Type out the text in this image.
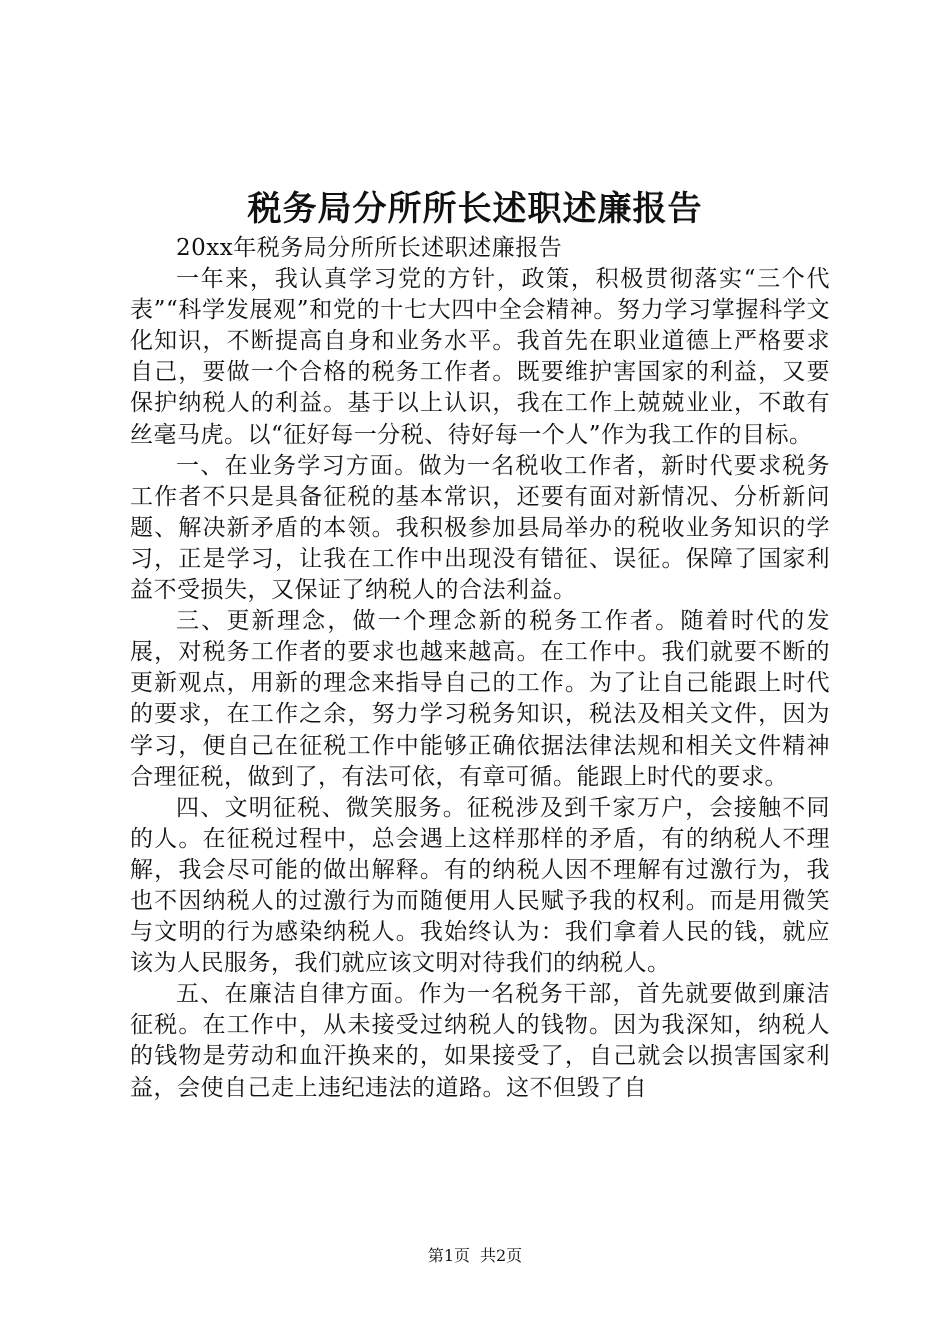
税务局分所所长述职述廉报告

20xx年税务局分所所长述职述廉报告

一年来，我认真学习党的方针，政策，积极贯彻落实“三个代表”“科学发展观”和党的十七大四中全会精神。努力学习掌握科学文化知识，不断提高自身和业务水平。我首先在职业道德上严格要求自己，要做一个合格的税务工作者。既要维护害国家的利益，又要保护纳税人的利益。基于以上认识，我在工作上兢兢业业，不敢有丝毫马虎。以“征好每一分税、待好每一个人”作为我工作的目标。

一、在业务学习方面。做为一名税收工作者，新时代要求税务工作者不只是具备征税的基本常识，还要有面对新情况、分析新问题、解决新矛盾的本领。我积极参加县局举办的税收业务知识的学习，正是学习，让我在工作中出现没有错征、误征。保障了国家利益不受损失，又保证了纳税人的合法利益。

三、更新理念，做一个理念新的税务工作者。随着时代的发展，对税务工作者的要求也越来越高。在工作中。我们就要不断的更新观点，用新的理念来指导自己的工作。为了让自己能跟上时代的要求，在工作之余，努力学习税务知识，税法及相关文件，因为学习，便自己在征税工作中能够正确依据法律法规和相关文件精神合理征税，做到了，有法可依，有章可循。能跟上时代的要求。

四、文明征税、微笑服务。征税涉及到千家万户，会接触不同的人。在征税过程中，总会遇上这样那样的矛盾，有的纳税人不理解，我会尽可能的做出解释。有的纳税人因不理解有过激行为，我也不因纳税人的过激行为而随便用人民赋予我的权利。而是用微笑与文明的行为感染纳税人。我始终认为：我们拿着人民的钱，就应该为人民服务，我们就应该文明对待我们的纳税人。

五、在廉洁自律方面。作为一名税务干部，首先就要做到廉洁征税。在工作中，从未接受过纳税人的钱物。因为我深知，纳税人的钱物是劳动和血汗换来的，如果接受了，自己就会以损害国家利益，会使自己走上违纪违法的道路。这不但毁了自

第1页 共2页
